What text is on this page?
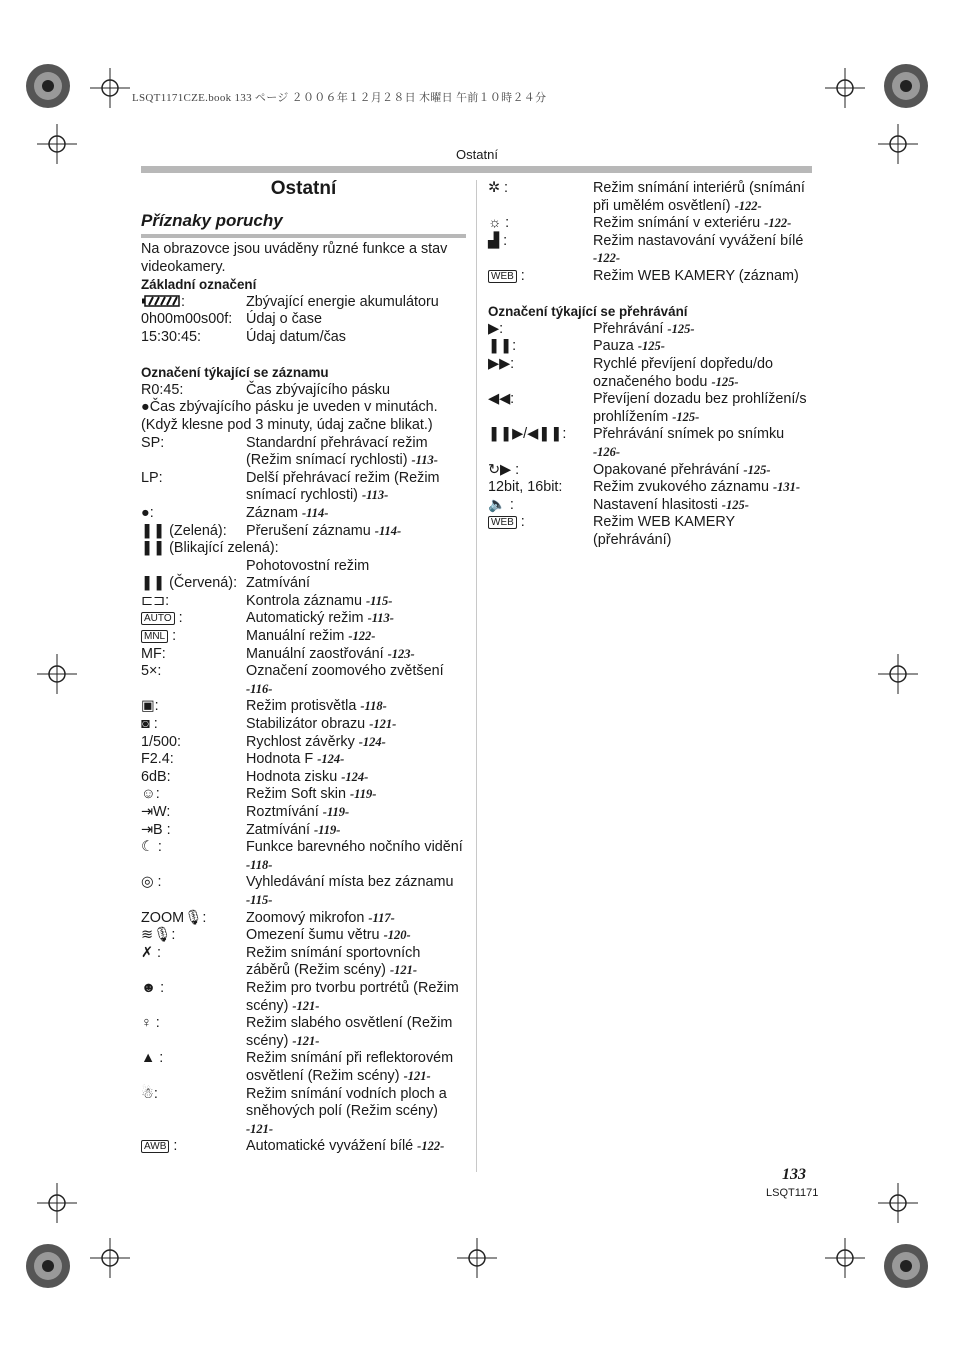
LSQT1171CZE.book 133 ページ ２００６年１２月２８日 木曜日 午前１０時２４分
Ostatní
Ostatní
Příznaky poruchy

Na obrazovce jsou uváděny různé funkce a stav videokamery.

Základní označení
:	Zbývající energie akumulátoru
0h00m00s00f: Údaj o čase
15:30:45:	Údaj datum/čas
Označení týkající se záznamu
R0:45:	Čas zbývajícího pásku
●Čas zbývajícího pásku je uveden v minutách.
(Když klesne pod 3 minuty, údaj začne blikat.)
SP:	Standardní přehrávací režim (Režim snímací rychlosti) -113-
LP:	Delší přehrávací režim (Režim snímací rychlosti) -113-
●:	Záznam -114-
❚❚ (Zelená):	Přerušení záznamu -114-
❚❚ (Blikající zelená):
Pohotovostní režim
❚❚ (Červená): Zatmívání
⊏⊐:	Kontrola záznamu -115-
AUTO :	Automatický režim -113-
MNL :	Manuální režim -122-
MF:	Manuální zaostřování -123-
5×:	Označení zoomového zvětšení -116-
▣:	Režim protisvětla -118-
◙ :	Stabilizátor obrazu -121-
1/500:	Rychlost závěrky -124-
F2.4:	Hodnota F -124-
6dB:	Hodnota zisku -124-
☺:	Režim Soft skin -119-
⇥W:	Roztmívání -119-
⇥B :	Zatmívání -119-
☾ :	Funkce barevného nočního vidění -118-
◎ :	Vyhledávání místa bez záznamu -115-
ZOOM🎙:	Zoomový mikrofon -117-
≋🎙:	Omezení šumu větru -120-
✗ :	Režim snímání sportovních záběrů (Režim scény) -121-
☻ :	Režim pro tvorbu portrétů (Režim scény) -121-
♀ :	Režim slabého osvětlení (Režim scény) -121-
▲ :	Režim snímání při reflektorovém osvětlení (Režim scény) -121-
☃:	Režim snímání vodních ploch a sněhových polí (Režim scény) -121-
AWB :	Automatické vyvážení bílé -122-
✲ :	Režim snímání interiérů (snímání při umělém osvětlení) -122-
☼ :	Režim snímání v exteriéru -122-
▟ :	Režim nastavování vyvážení bílé -122-
WEB :	Režim WEB KAMERY (záznam)
Označení týkající se přehrávání
▶:	Přehrávání -125-
❚❚:	Pauza -125-
▶▶:	Rychlé převíjení dopředu/do označeného bodu -125-
◀◀:	Převíjení dozadu bez prohlížení/s prohlížením -125-
❚❚▶/◀❚❚:	Přehrávání snímek po snímku -126-
↻▶ :	Opakované přehrávání -125-
12bit, 16bit:	Režim zvukového záznamu -131-
🔈 :	Nastavení hlasitosti -125-
WEB :	Režim WEB KAMERY (přehrávání)
133
LSQT1171
